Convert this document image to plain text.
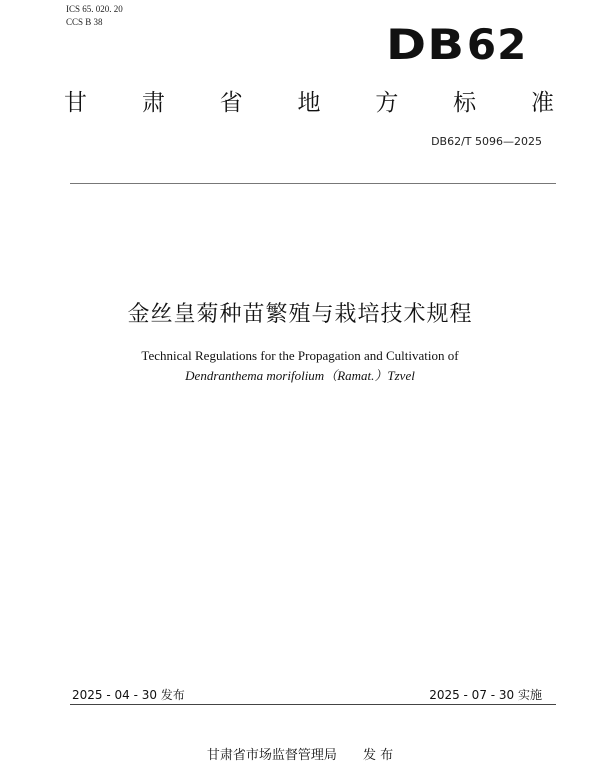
ICS 65. 020. 20
CCS B 38	DB62
甘 肃 省 地 方 标 准
DB62/T 5096—2025
金丝皇菊种苗繁殖与栽培技术规程
Technical Regulations for the Propagation and Cultivation of
Dendranthema morifolium（Ramat.）Tzvel
2025 - 04 - 30 发布	2025 - 07 - 30 实施
甘肃省市场监督管理局 发 布
